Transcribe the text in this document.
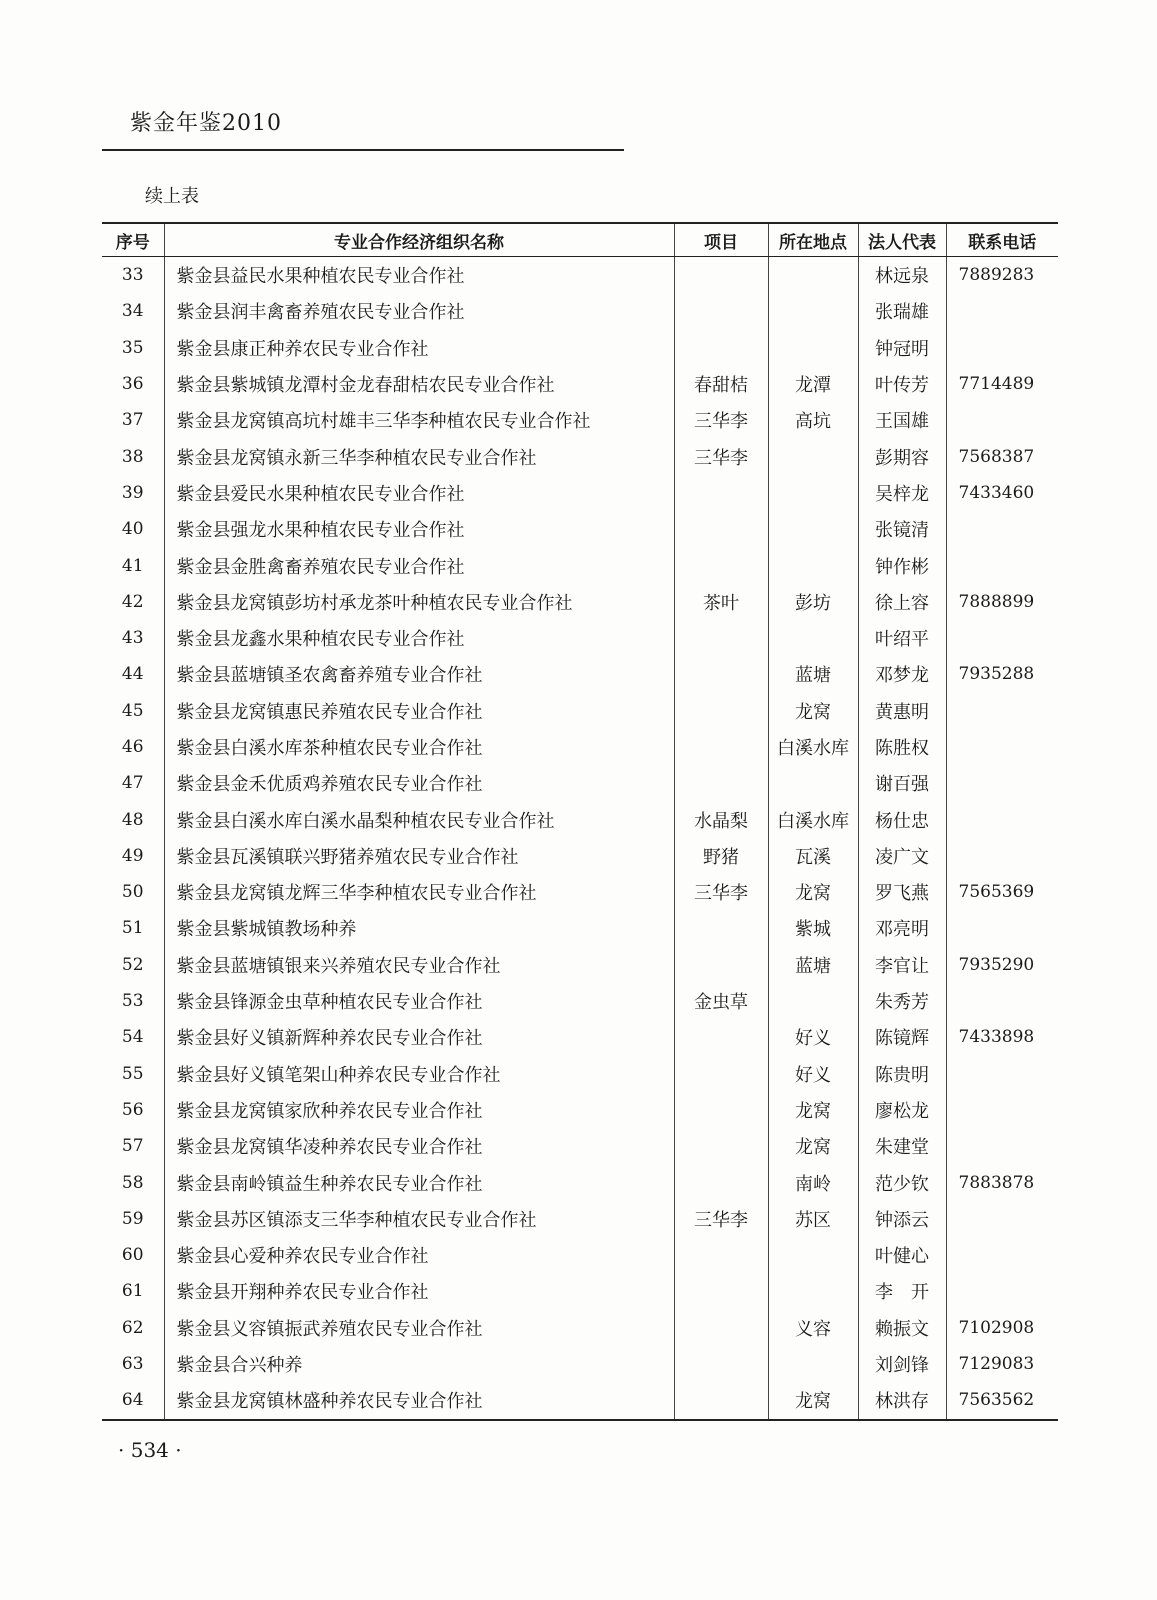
紫金年鉴2010
续上表
序号	专业合作经济组织名称	项目	所在地点	法人代表	联系电话
33	紫金县益民水果种植农民专业合作社			林远泉	7889283
34	紫金县润丰禽畜养殖农民专业合作社			张瑞雄	
35	紫金县康正种养农民专业合作社			钟冠明	
36	紫金县紫城镇龙潭村金龙春甜桔农民专业合作社	春甜桔	龙潭	叶传芳	7714489
37	紫金县龙窝镇高坑村雄丰三华李种植农民专业合作社	三华李	高坑	王国雄	
38	紫金县龙窝镇永新三华李种植农民专业合作社	三华李		彭期容	7568387
39	紫金县爱民水果种植农民专业合作社			吴梓龙	7433460
40	紫金县强龙水果种植农民专业合作社			张镜清	
41	紫金县金胜禽畜养殖农民专业合作社			钟作彬	
42	紫金县龙窝镇彭坊村承龙茶叶种植农民专业合作社	茶叶	彭坊	徐上容	7888899
43	紫金县龙鑫水果种植农民专业合作社			叶绍平	
44	紫金县蓝塘镇圣农禽畜养殖专业合作社		蓝塘	邓梦龙	7935288
45	紫金县龙窝镇惠民养殖农民专业合作社		龙窝	黄惠明	
46	紫金县白溪水库茶种植农民专业合作社		白溪水库	陈胜权	
47	紫金县金禾优质鸡养殖农民专业合作社			谢百强	
48	紫金县白溪水库白溪水晶梨种植农民专业合作社	水晶梨	白溪水库	杨仕忠	
49	紫金县瓦溪镇联兴野猪养殖农民专业合作社	野猪	瓦溪	凌广文	
50	紫金县龙窝镇龙辉三华李种植农民专业合作社	三华李	龙窝	罗飞燕	7565369
51	紫金县紫城镇教场种养		紫城	邓亮明	
52	紫金县蓝塘镇银来兴养殖农民专业合作社		蓝塘	李官让	7935290
53	紫金县锋源金虫草种植农民专业合作社	金虫草		朱秀芳	
54	紫金县好义镇新辉种养农民专业合作社		好义	陈镜辉	7433898
55	紫金县好义镇笔架山种养农民专业合作社		好义	陈贵明	
56	紫金县龙窝镇家欣种养农民专业合作社		龙窝	廖松龙	
57	紫金县龙窝镇华凌种养农民专业合作社		龙窝	朱建堂	
58	紫金县南岭镇益生种养农民专业合作社		南岭	范少钦	7883878
59	紫金县苏区镇添支三华李种植农民专业合作社	三华李	苏区	钟添云	
60	紫金县心爱种养农民专业合作社			叶健心	
61	紫金县开翔种养农民专业合作社			李　开	
62	紫金县义容镇振武养殖农民专业合作社		义容	赖振文	7102908
63	紫金县合兴种养			刘剑锋	7129083
64	紫金县龙窝镇林盛种养农民专业合作社		龙窝	林洪存	7563562
· 534 ·
